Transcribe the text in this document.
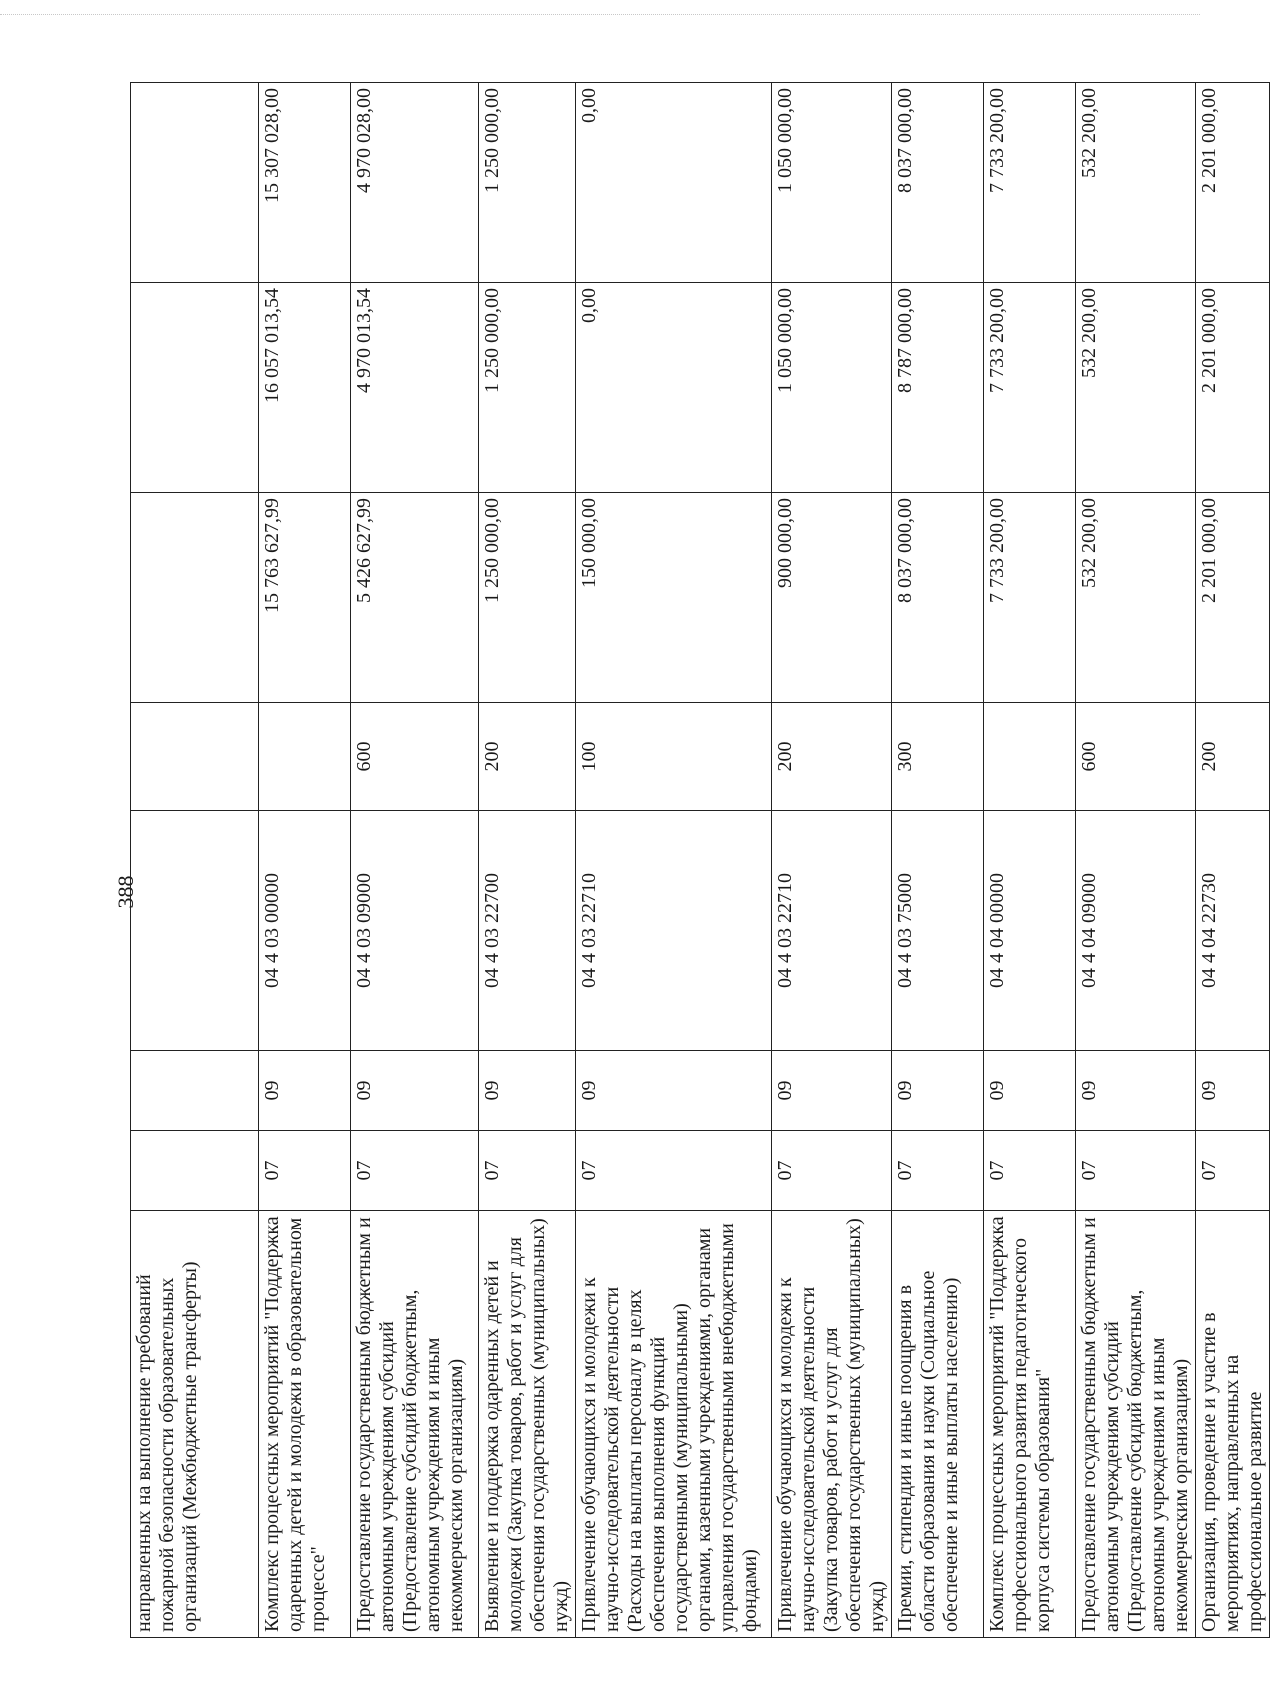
388
направленных на выполнение требований пожарной безопасности образовательных организаций (Межбюджетные трансферты)							
Комплекс процессных мероприятий "Поддержка одаренных детей и молодежи в образовательном процессе"	07	09	04 4 03 00000		15 763 627,99	16 057 013,54	15 307 028,00
Предоставление государственным бюджетным и автономным учреждениям субсидий (Предоставление субсидий бюджетным, автономным учреждениям и иным некоммерческим организациям)	07	09	04 4 03 09000	600	5 426 627,99	4 970 013,54	4 970 028,00
Выявление и поддержка одаренных детей и молодежи (Закупка товаров, работ и услуг для обеспечения государственных (муниципальных) нужд)	07	09	04 4 03 22700	200	1 250 000,00	1 250 000,00	1 250 000,00
Привлечение обучающихся и молодежи к научно-исследовательской деятельности (Расходы на выплаты персоналу в целях обеспечения выполнения функций государственными (муниципальными) органами, казенными учреждениями, органами управления государственными внебюджетными фондами)	07	09	04 4 03 22710	100	150 000,00	0,00	0,00
Привлечение обучающихся и молодежи к научно-исследовательской деятельности (Закупка товаров, работ и услуг для обеспечения государственных (муниципальных) нужд)	07	09	04 4 03 22710	200	900 000,00	1 050 000,00	1 050 000,00
Премии, стипендии и иные поощрения в области образования и науки (Социальное обеспечение и иные выплаты населению)	07	09	04 4 03 75000	300	8 037 000,00	8 787 000,00	8 037 000,00
Комплекс процессных мероприятий "Поддержка профессионального развития педагогического корпуса системы образования"	07	09	04 4 04 00000		7 733 200,00	7 733 200,00	7 733 200,00
Предоставление государственным бюджетным и автономным учреждениям субсидий (Предоставление субсидий бюджетным, автономным учреждениям и иным некоммерческим организациям)	07	09	04 4 04 09000	600	532 200,00	532 200,00	532 200,00
Организация, проведение и участие в мероприятиях, направленных на профессиональное развитие	07	09	04 4 04 22730	200	2 201 000,00	2 201 000,00	2 201 000,00
